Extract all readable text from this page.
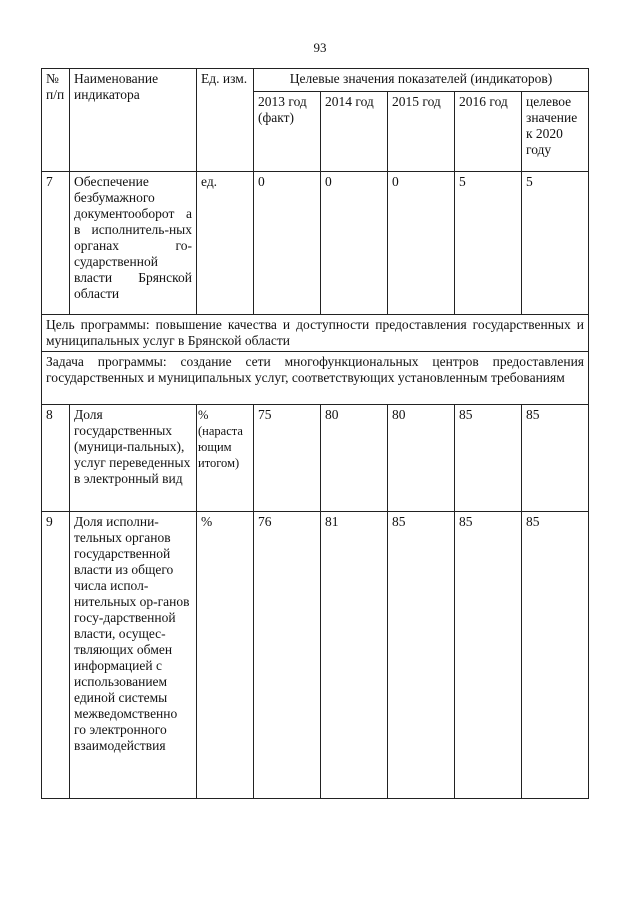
93
№ п/п	Наименование индикатора	Ед. изм.	Целевые значения показателей (индикаторов)				
			2013 год (факт)	2014 год	2015 год	2016 год	целевое значение к 2020 году
7	Обеспечение безбумажного документооборот а в исполнитель-ных органах го-сударственной власти Брянской области	ед.	0	0	0	5	5
Цель программы: повышение качества и доступности предоставления государственных и муниципальных услуг в Брянской области							
Задача программы: создание сети многофункциональных центров предоставления государственных и муниципальных услуг, соответствующих установленным требованиям							
8	Доля государственных (муници-пальных), услуг переведенных в электронный вид	% (нараста ющим итогом)	75	80	80	85	85
9	Доля исполни-тельных органов государственной власти из общего числа испол-нительных ор-ганов госу-дарственной власти, осущес-твляющих обмен информацией с использованием единой системы межведомственно го электронного взаимодействия	%	76	81	85	85	85
